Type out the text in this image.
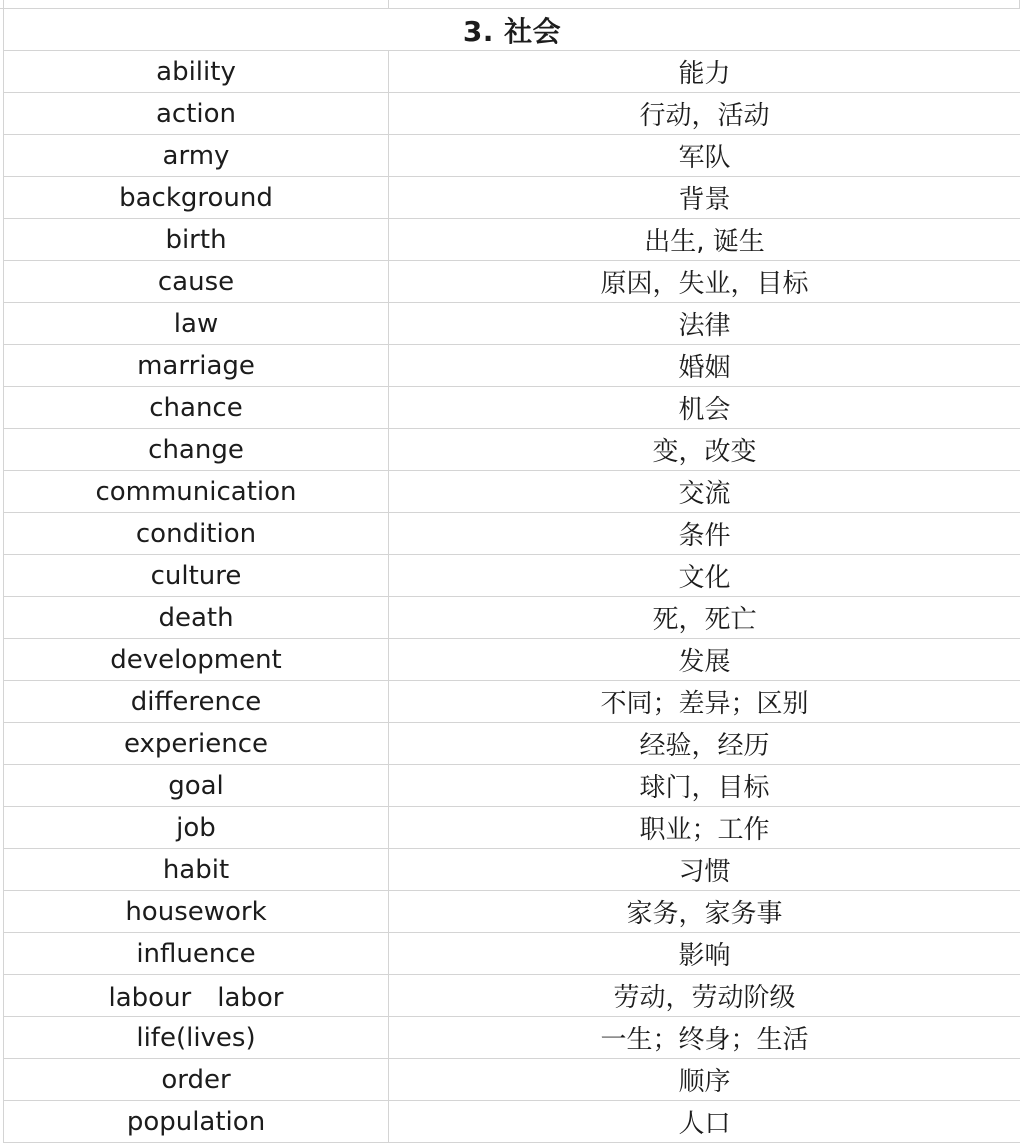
3. 社会	
ability	能力
action	行动，活动
army	军队
background	背景
birth	出生, 诞生
cause	原因，失业，目标
law	法律
marriage	婚姻
chance	机会
change	变，改变
communication	交流
condition	条件
culture	文化
death	死，死亡
development	发展
difference	不同；差异；区别
experience	经验，经历
goal	球门，目标
job	职业；工作
habit	习惯
housework	家务，家务事
influence	影响
labour　labor	劳动，劳动阶级
life(lives)	一生；终身；生活
order	顺序
population	人口
